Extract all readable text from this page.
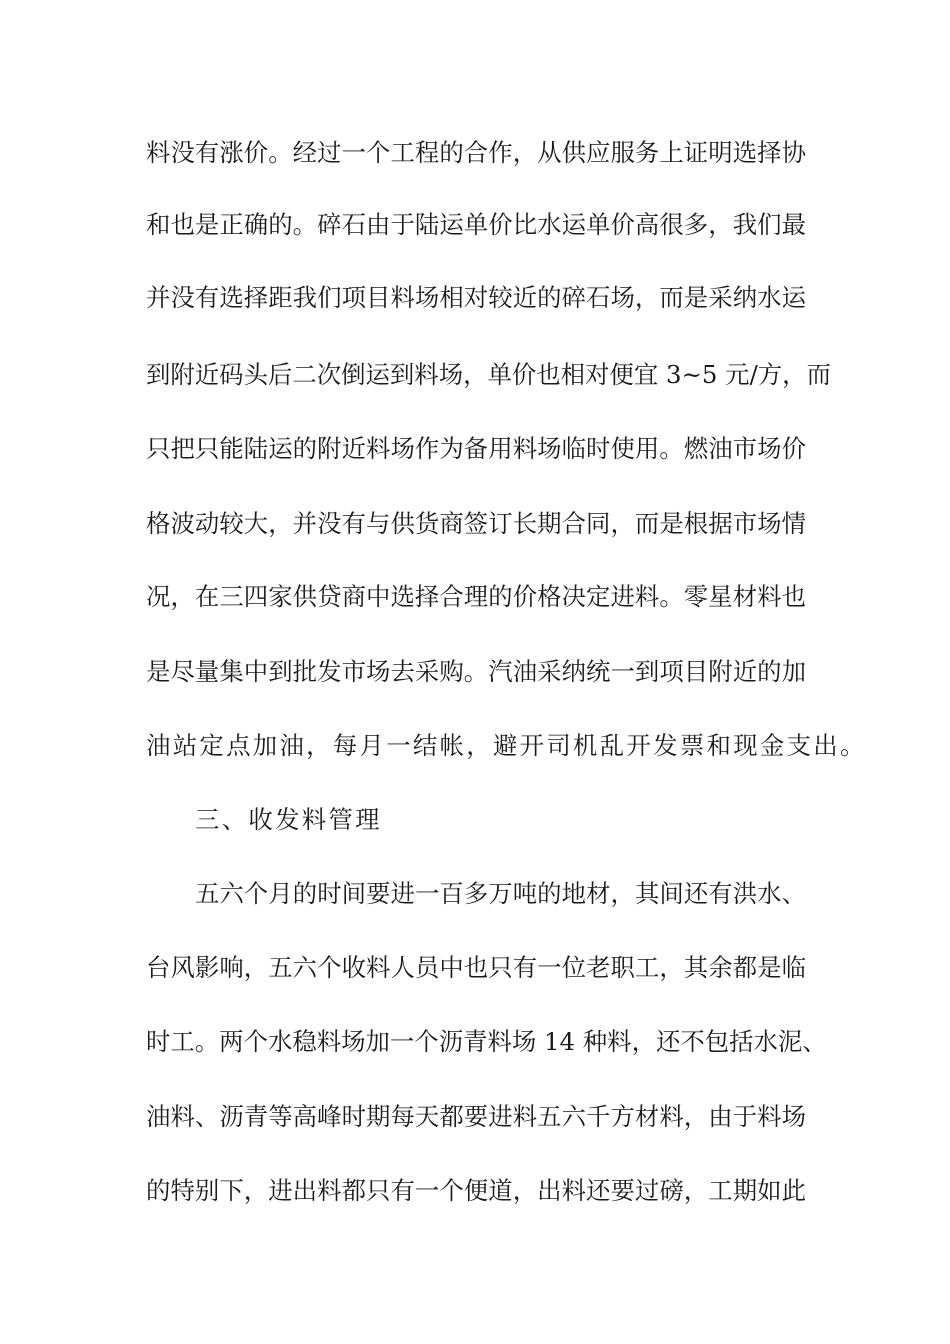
料没有涨价。经过一个工程的合作，从供应服务上证明选择协
和也是正确的。碎石由于陆运单价比水运单价高很多，我们最
并没有选择距我们项目料场相对较近的碎石场，而是采纳水运
到附近码头后二次倒运到料场，单价也相对便宜 3~5 元/方，而
只把只能陆运的附近料场作为备用料场临时使用。燃油市场价
格波动较大，并没有与供货商签订长期合同，而是根据市场情
况，在三四家供贷商中选择合理的价格决定进料。零星材料也
是尽量集中到批发市场去采购。汽油采纳统一到项目附近的加
油站定点加油，每月一结帐，避开司机乱开发票和现金支出。
三、收发料管理
五六个月的时间要进一百多万吨的地材，其间还有洪水、
台风影响，五六个收料人员中也只有一位老职工，其余都是临
时工。两个水稳料场加一个沥青料场 14 种料，还不包括水泥、
油料、沥青等高峰时期每天都要进料五六千方材料，由于料场
的特别下，进出料都只有一个便道，出料还要过磅，工期如此
